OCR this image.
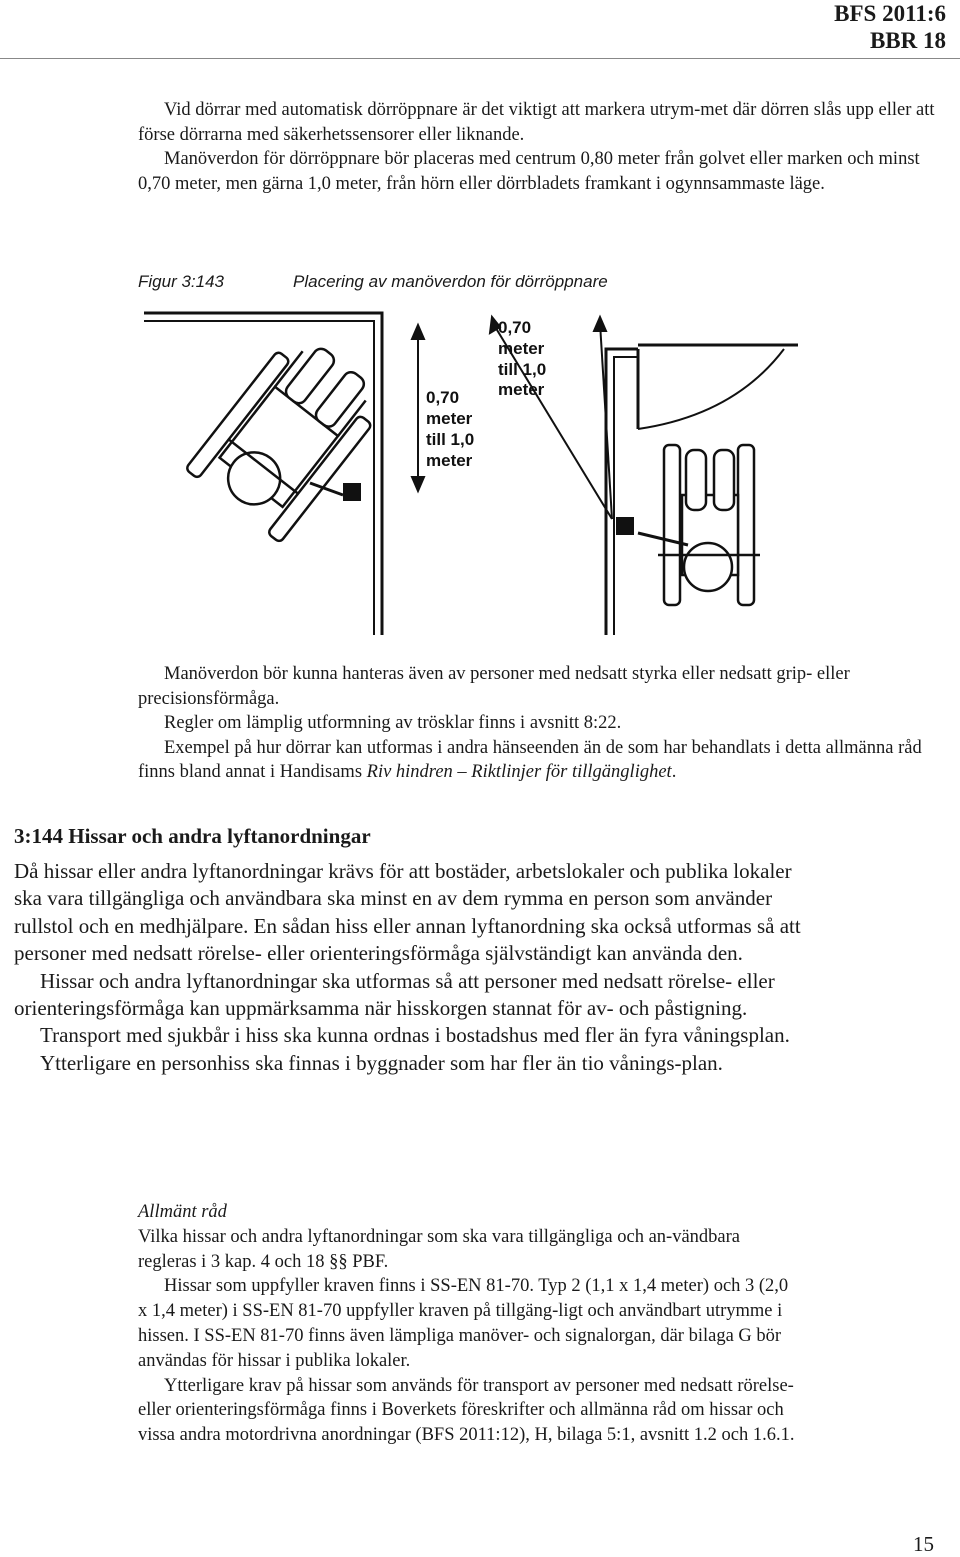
BFS 2011:6
BBR 18

Vid dörrar med automatisk dörröppnare är det viktigt att markera utrym-met där dörren slås upp eller att förse dörrarna med säkerhetssensorer eller liknande.

Manöverdon för dörröppnare bör placeras med centrum 0,80 meter från golvet eller marken och minst 0,70 meter, men gärna 1,0 meter, från hörn eller dörrbladets framkant i ogynnsammaste läge.

Figur 3:143	Placering av manöverdon för dörröppnare
0,70
meter
till 1,0
meter
0,70
meter
till 1,0
meter

Manöverdon bör kunna hanteras även av personer med nedsatt styrka eller nedsatt grip- eller precisionsförmåga.

Regler om lämplig utformning av trösklar finns i avsnitt 8:22.

Exempel på hur dörrar kan utformas i andra hänseenden än de som har behandlats i detta allmänna råd finns bland annat i Handisams Riv hindren – Riktlinjer för tillgänglighet.

3:144 Hissar och andra lyftanordningar

Då hissar eller andra lyftanordningar krävs för att bostäder, arbetslokaler och publika lokaler ska vara tillgängliga och användbara ska minst en av dem rymma en person som använder rullstol och en medhjälpare. En sådan hiss eller annan lyftanordning ska också utformas så att personer med nedsatt rörelse- eller orienteringsförmåga självständigt kan använda den.

Hissar och andra lyftanordningar ska utformas så att personer med nedsatt rörelse- eller orienteringsförmåga kan uppmärksamma när hisskorgen stannat för av- och påstigning.

Transport med sjukbår i hiss ska kunna ordnas i bostadshus med fler än fyra våningsplan.

Ytterligare en personhiss ska finnas i byggnader som har fler än tio vånings-plan.

Allmänt råd

Vilka hissar och andra lyftanordningar som ska vara tillgängliga och an-vändbara regleras i 3 kap. 4 och 18 §§ PBF.

Hissar som uppfyller kraven finns i SS-EN 81-70. Typ 2 (1,1 x 1,4 meter) och 3 (2,0 x 1,4 meter) i SS-EN 81-70 uppfyller kraven på tillgäng-ligt och användbart utrymme i hissen. I SS-EN 81-70 finns även lämpliga manöver- och signalorgan, där bilaga G bör användas för hissar i publika lokaler.

Ytterligare krav på hissar som används för transport av personer med nedsatt rörelse- eller orienteringsförmåga finns i Boverkets föreskrifter och allmänna råd om hissar och vissa andra motordrivna anordningar (BFS 2011:12), H, bilaga 5:1, avsnitt 1.2 och 1.6.1.

15
